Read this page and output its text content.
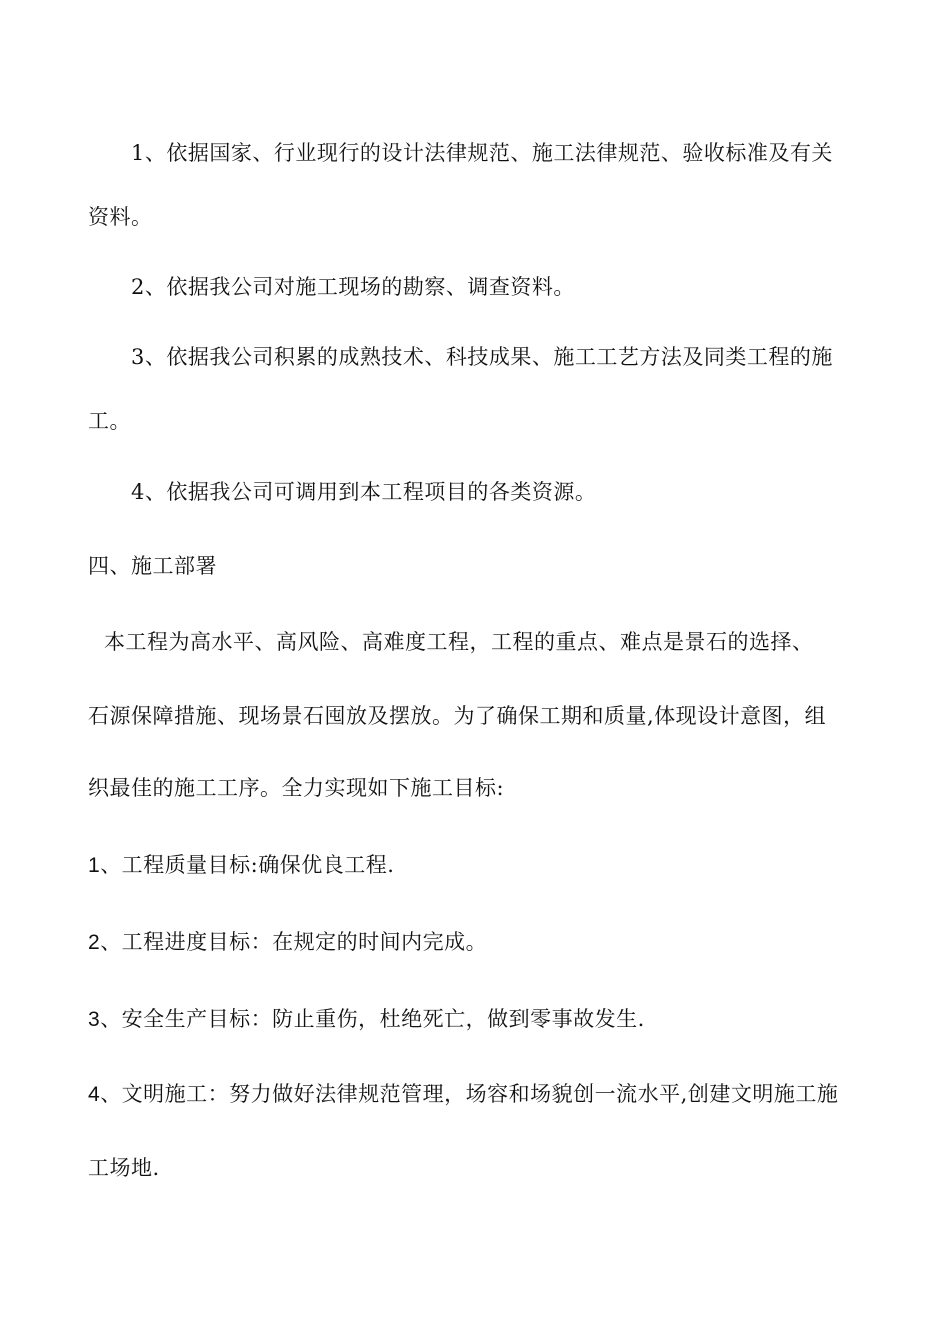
1、依据国家、行业现行的设计法律规范、施工法律规范、验收标准及有关
资料。
2、依据我公司对施工现场的勘察、调查资料。
3、依据我公司积累的成熟技术、科技成果、施工工艺方法及同类工程的施
工。
4、依据我公司可调用到本工程项目的各类资源。
四、施工部署
本工程为高水平、高风险、高难度工程，工程的重点、难点是景石的选择、
石源保障措施、现场景石囤放及摆放。为了确保工期和质量,体现设计意图，组
织最佳的施工工序。全力实现如下施工目标:
1、工程质量目标:确保优良工程.
2、工程进度目标：在规定的时间内完成。
3、安全生产目标：防止重伤，杜绝死亡，做到零事故发生.
4、文明施工：努力做好法律规范管理，场容和场貌创一流水平,创建文明施工施
工场地.
